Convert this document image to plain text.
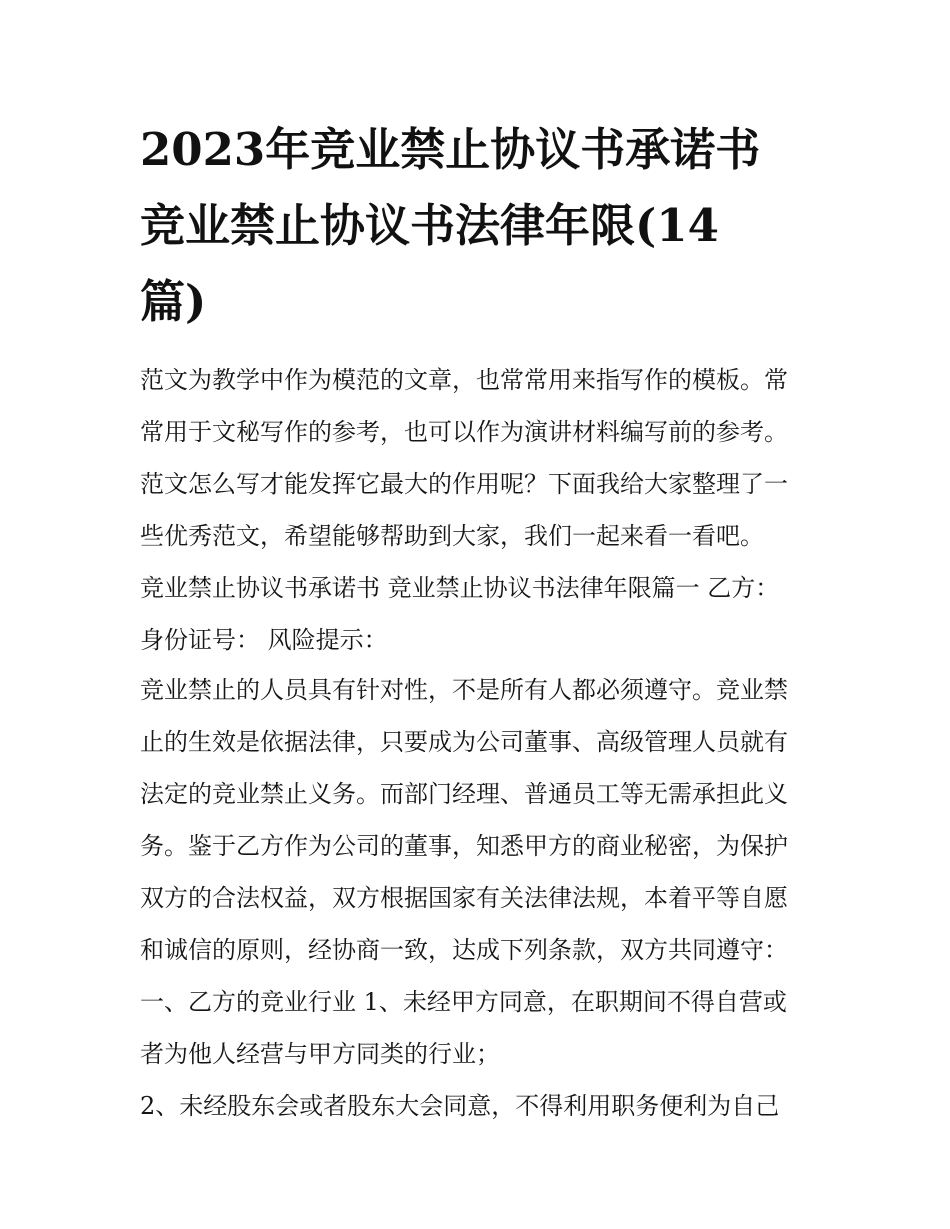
2023年竞业禁止协议书承诺书
竞业禁止协议书法律年限(14
篇)
范文为教学中作为模范的文章，也常常用来指写作的模板。常
常用于文秘写作的参考，也可以作为演讲材料编写前的参考。
范文怎么写才能发挥它最大的作用呢？下面我给大家整理了一
些优秀范文，希望能够帮助到大家，我们一起来看一看吧。
竞业禁止协议书承诺书 竞业禁止协议书法律年限篇一 乙方：
身份证号： 风险提示：
竞业禁止的人员具有针对性，不是所有人都必须遵守。竞业禁
止的生效是依据法律，只要成为公司董事、高级管理人员就有
法定的竞业禁止义务。而部门经理、普通员工等无需承担此义
务。鉴于乙方作为公司的董事，知悉甲方的商业秘密，为保护
双方的合法权益，双方根据国家有关法律法规，本着平等自愿
和诚信的原则，经协商一致，达成下列条款，双方共同遵守：
一、乙方的竞业行业 1、未经甲方同意，在职期间不得自营或
者为他人经营与甲方同类的行业；
2、未经股东会或者股东大会同意，不得利用职务便利为自己
